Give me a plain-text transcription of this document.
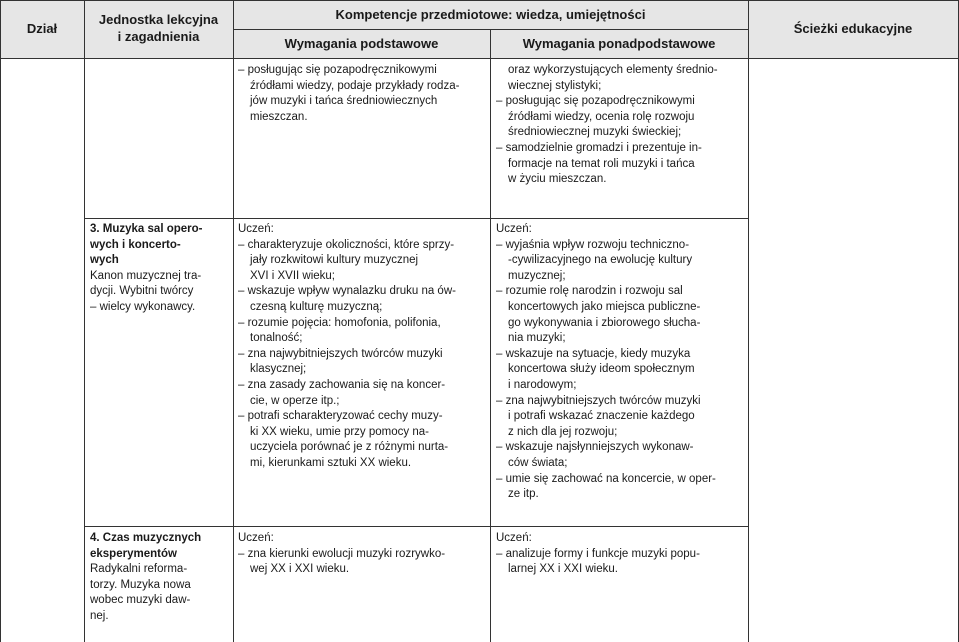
Dział
Jednostka lekcyjna
i zagadnienia
Kompetencje przedmiotowe: wiedza, umiejętności
Wymagania podstawowe	Wymagania ponadpodstawowe
Ścieżki edukacyjne
– posługując się pozapodręcznikowymi
źródłami wiedzy, podaje przykłady rodza-
jów muzyki i tańca średniowiecznych
mieszczan.
oraz wykorzystujących elementy średnio-
wiecznej stylistyki;
– posługując się pozapodręcznikowymi
źródłami wiedzy, ocenia rolę rozwoju
średniowiecznej muzyki świeckiej;
– samodzielnie gromadzi i prezentuje in-
formacje na temat roli muzyki i tańca
w życiu mieszczan.
3. Muzyka sal opero-
wych i koncerto-
wych
Kanon muzycznej tra-
dycji. Wybitni twórcy
– wielcy wykonawcy.
Uczeń:
– charakteryzuje okoliczności, które sprzy-
jały rozkwitowi kultury muzycznej
XVI i XVII wieku;
– wskazuje wpływ wynalazku druku na ów-
czesną kulturę muzyczną;
– rozumie pojęcia: homofonia, polifonia,
tonalność;
– zna najwybitniejszych twórców muzyki
klasycznej;
– zna zasady zachowania się na koncer-
cie, w operze itp.;
– potrafi scharakteryzować cechy muzy-
ki XX wieku, umie przy pomocy na-
uczyciela porównać je z różnymi nurta-
mi, kierunkami sztuki XX wieku.
Uczeń:
– wyjaśnia wpływ rozwoju techniczno-
-cywilizacyjnego na ewolucję kultury
muzycznej;
– rozumie rolę narodzin i rozwoju sal
koncertowych jako miejsca publiczne-
go wykonywania i zbiorowego słucha-
nia muzyki;
– wskazuje na sytuacje, kiedy muzyka
koncertowa służy ideom społecznym
i narodowym;
– zna najwybitniejszych twórców muzyki
i potrafi wskazać znaczenie każdego
z nich dla jej rozwoju;
– wskazuje najsłynniejszych wykonaw-
ców świata;
– umie się zachować na koncercie, w oper-
ze itp.
4. Czas muzycznych
eksperymentów
Radykalni reforma-
torzy. Muzyka nowa
wobec muzyki daw-
nej.
Uczeń:
– zna kierunki ewolucji muzyki rozrywko-
wej XX i XXI wieku.
Uczeń:
– analizuje formy i funkcje muzyki popu-
larnej XX i XXI wieku.
